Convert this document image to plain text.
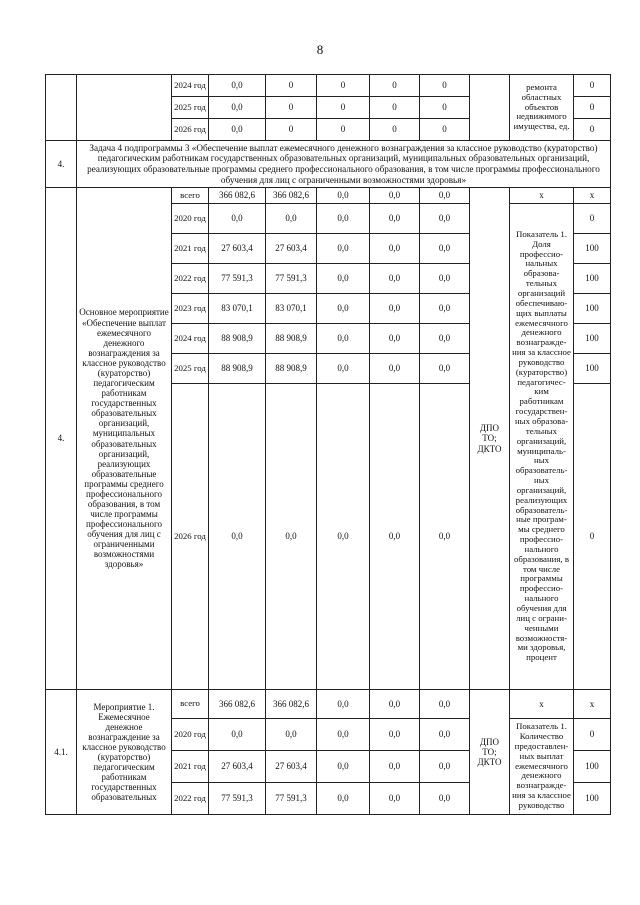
8
		2024 год	0,0	0	0	0	0		ремонта областных объектов недвижимого имущества, ед.	0
		2025 год	0,0	0	0	0	0			0
		2026 год	0,0	0	0	0	0			0
4.	Задача 4 подпрограммы 3 «Обеспечение выплат ежемесячного денежного вознаграждения за классное руководство (кураторство) педагогическим работникам государственных образовательных организаций, муниципальных образовательных организаций, реализующих образовательные программы среднего профессионального образования, в том числе программы профессионального обучения для лиц с ограниченными возможностями здоровья»									
4.	Основное мероприятие «Обеспечение выплат ежемесячного денежного вознаграждения за классное руководство (кураторство) педагогическим работникам государственных образовательных организаций, муниципальных образовательных организаций, реализующих образовательные программы среднего профессионального образования, в том числе программы профессионального обучения для лиц с ограниченными возможностями здоровья»	всего	366 082,6	366 082,6	0,0	0,0	0,0	ДПО ТО; ДКТО	x	x
		2020 год	0,0	0,0	0,0	0,0	0,0		Показатель 1. Доля профессио-нальных образова-тельных организаций обеспечиваю-щих выплаты ежемесячного денежного вознагражде-ния за классное руководство (кураторство) педагогичес-ким работникам государствен-ных образова-тельных организаций, муниципаль-ных образователь-ных организаций, реализующих образователь-ные програм-мы среднего профессио-нального образования, в том числе программы профессио-нального обучения для лиц с ограни-ченными возможностя-ми здоровья, процент	0
		2021 год	27 603,4	27 603,4	0,0	0,0	0,0			100
		2022 год	77 591,3	77 591,3	0,0	0,0	0,0			100
		2023 год	83 070,1	83 070,1	0,0	0,0	0,0			100
		2024 год	88 908,9	88 908,9	0,0	0,0	0,0			100
		2025 год	88 908,9	88 908,9	0,0	0,0	0,0			100
		2026 год	0,0	0,0	0,0	0,0	0,0			0
4.1.	Мероприятие 1. Ежемесячное денежное вознаграждение за классное руководство (кураторство) педагогическим работникам государственных образовательных	всего	366 082,6	366 082,6	0,0	0,0	0,0	ДПО ТО; ДКТО	x	x
		2020 год	0,0	0,0	0,0	0,0	0,0		Показатель 1. Количество предоставлен-ных выплат ежемесячного денежного вознагражде-ния за классное руководство	0
		2021 год	27 603,4	27 603,4	0,0	0,0	0,0			100
		2022 год	77 591,3	77 591,3	0,0	0,0	0,0			100
